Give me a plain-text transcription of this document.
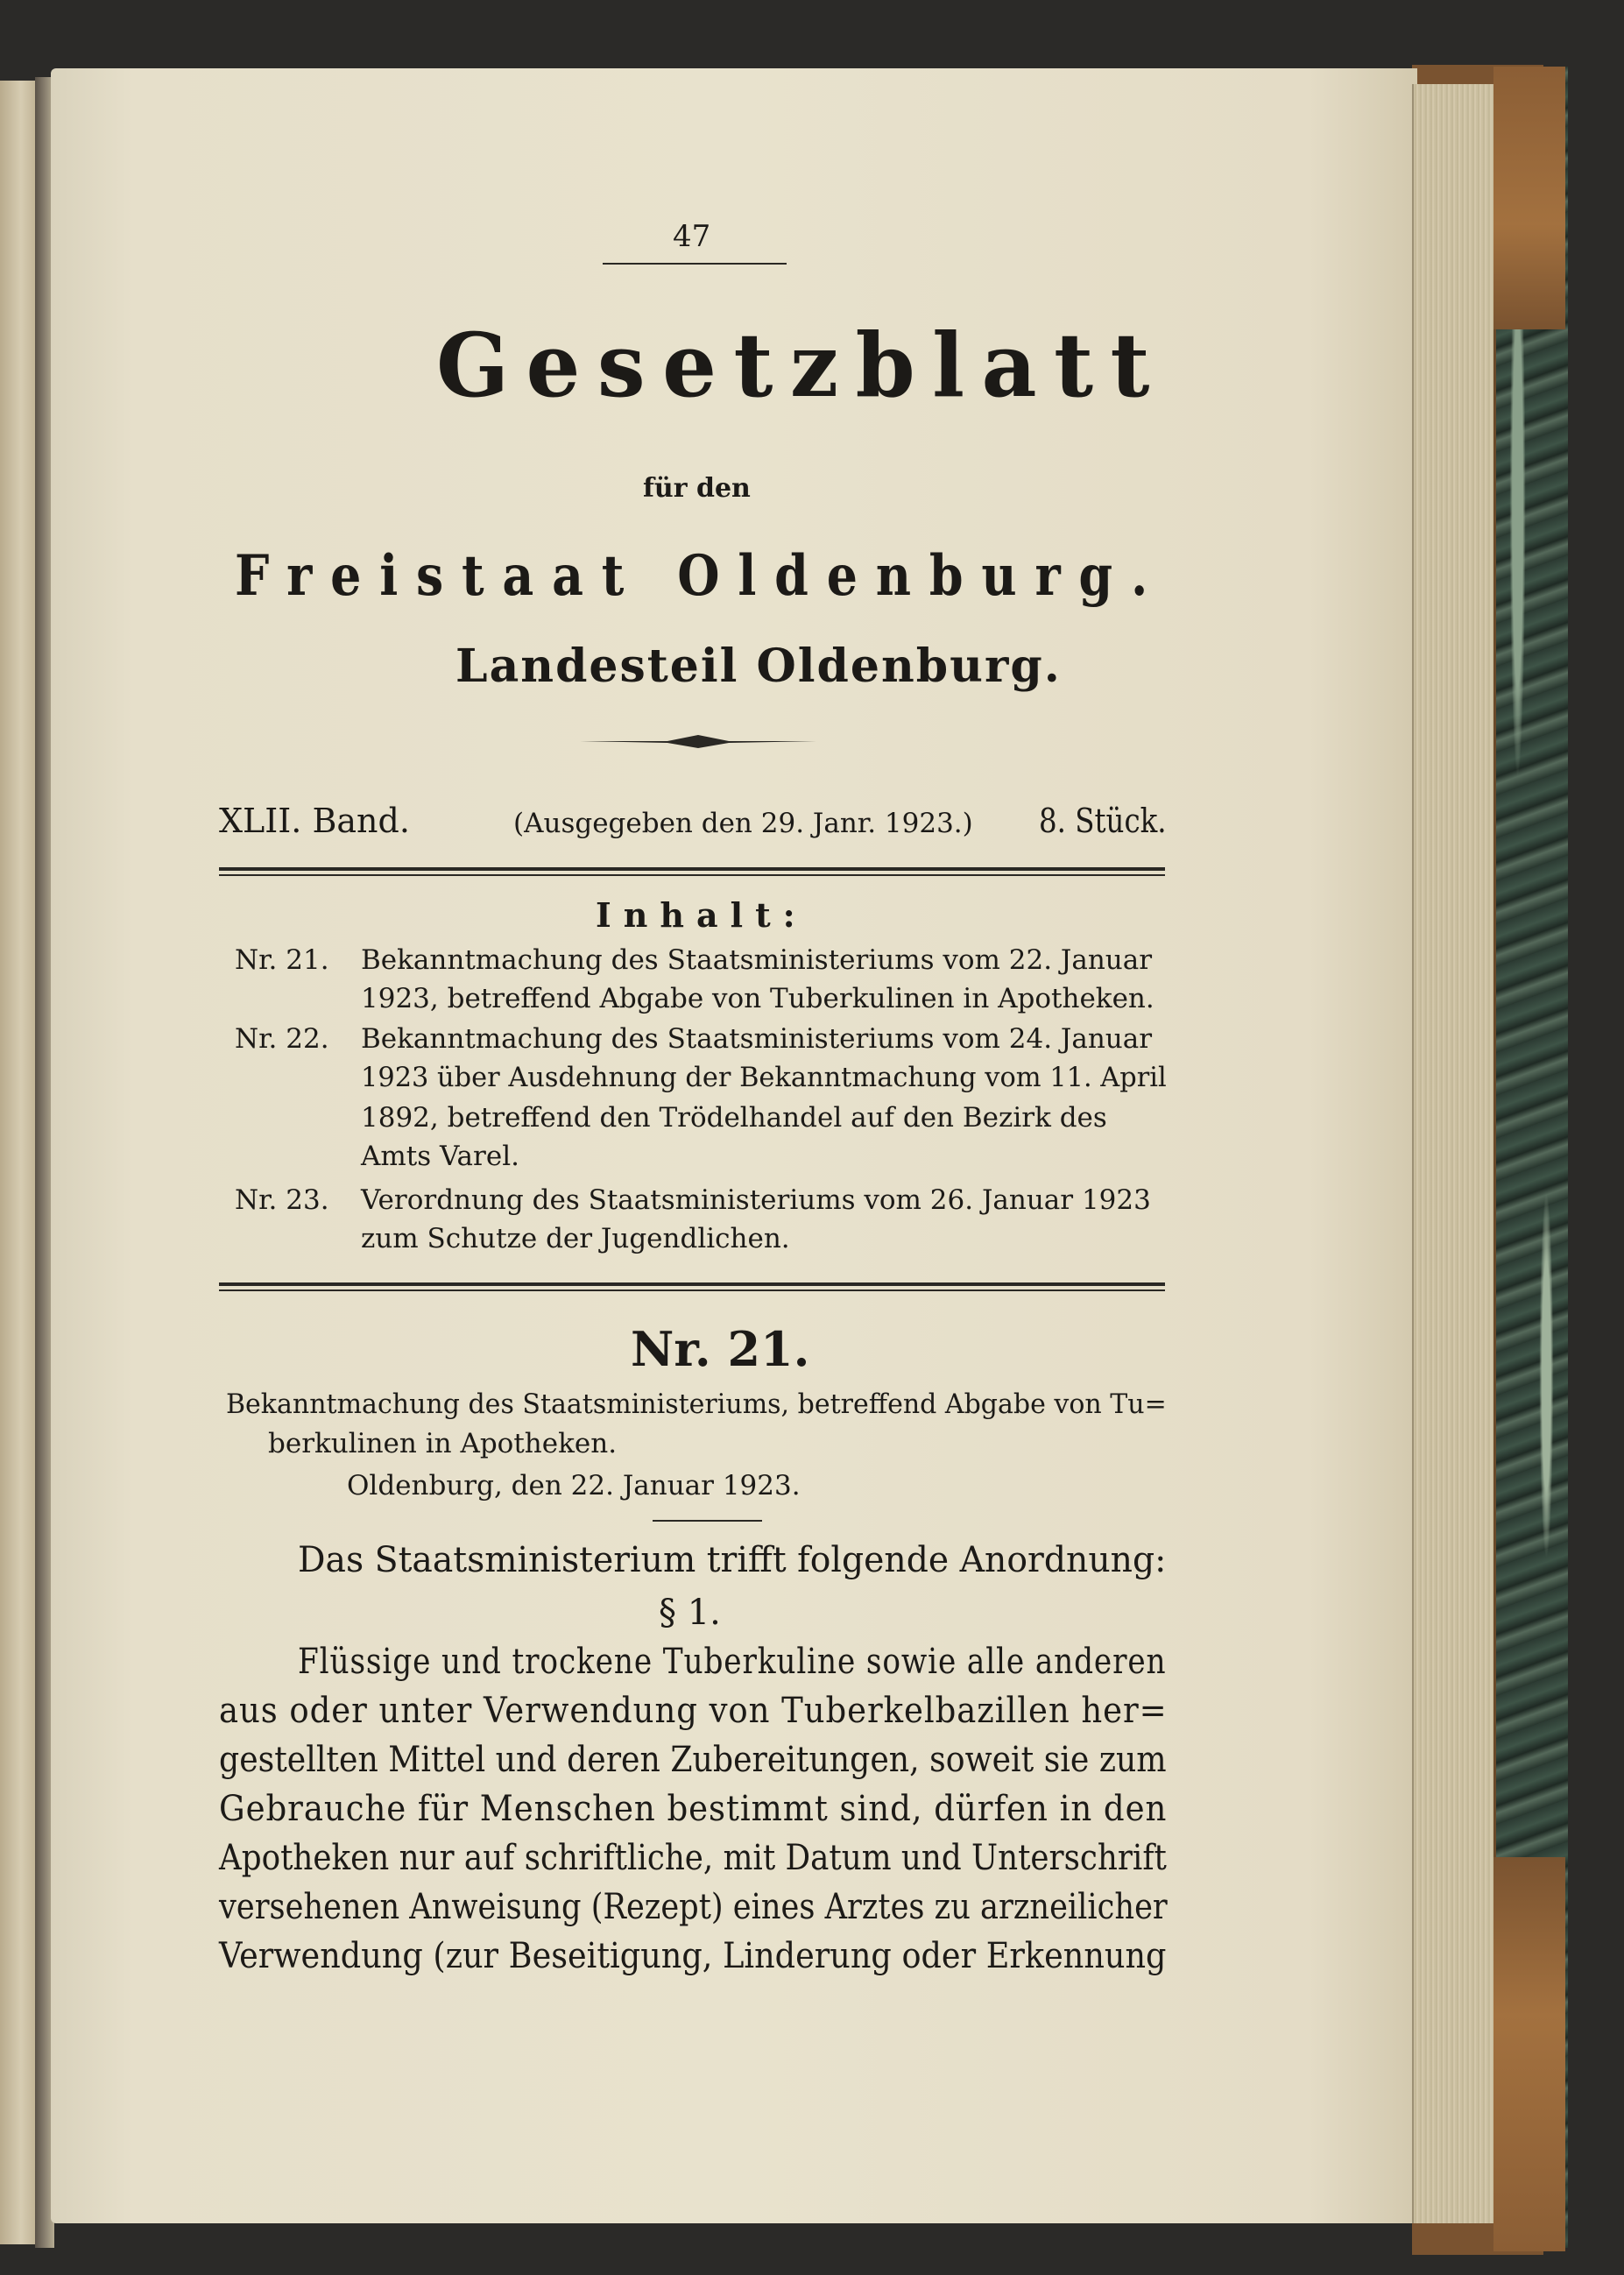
47
Gesetzblatt
für den
Freistaat Oldenburg.
Landesteil Oldenburg.
XLII. Band.	(Ausgegeben den 29. Janr. 1923.) 8. Stück.
Inhalt:
Nr. 21. Bekanntmachung des Staatsministeriums vom 22. Januar
1923, betreffend Abgabe von Tuberkulinen in Apotheken.
Nr. 22. Bekanntmachung des Staatsministeriums vom 24. Januar
1923 über Ausdehnung der Bekanntmachung vom 11. April
1892, betreffend den Trödelhandel auf den Bezirk des
Amts Varel.
Nr. 23. Verordnung des Staatsministeriums vom 26. Januar 1923
zum Schutze der Jugendlichen.
Nr. 21.
Bekanntmachung des Staatsministeriums, betreffend Abgabe von Tu=
berkulinen in Apotheken.
Oldenburg, den 22. Januar 1923.
Das Staatsministerium trifft folgende Anordnung:
§ 1.
Flüssige und trockene Tuberkuline sowie alle anderen
aus oder unter Verwendung von Tuberkelbazillen her=
gestellten Mittel und deren Zubereitungen, soweit sie zum
Gebrauche für Menschen bestimmt sind, dürfen in den
Apotheken nur auf schriftliche, mit Datum und Unterschrift
versehenen Anweisung (Rezept) eines Arztes zu arzneilicher
Verwendung (zur Beseitigung, Linderung oder Erkennung
